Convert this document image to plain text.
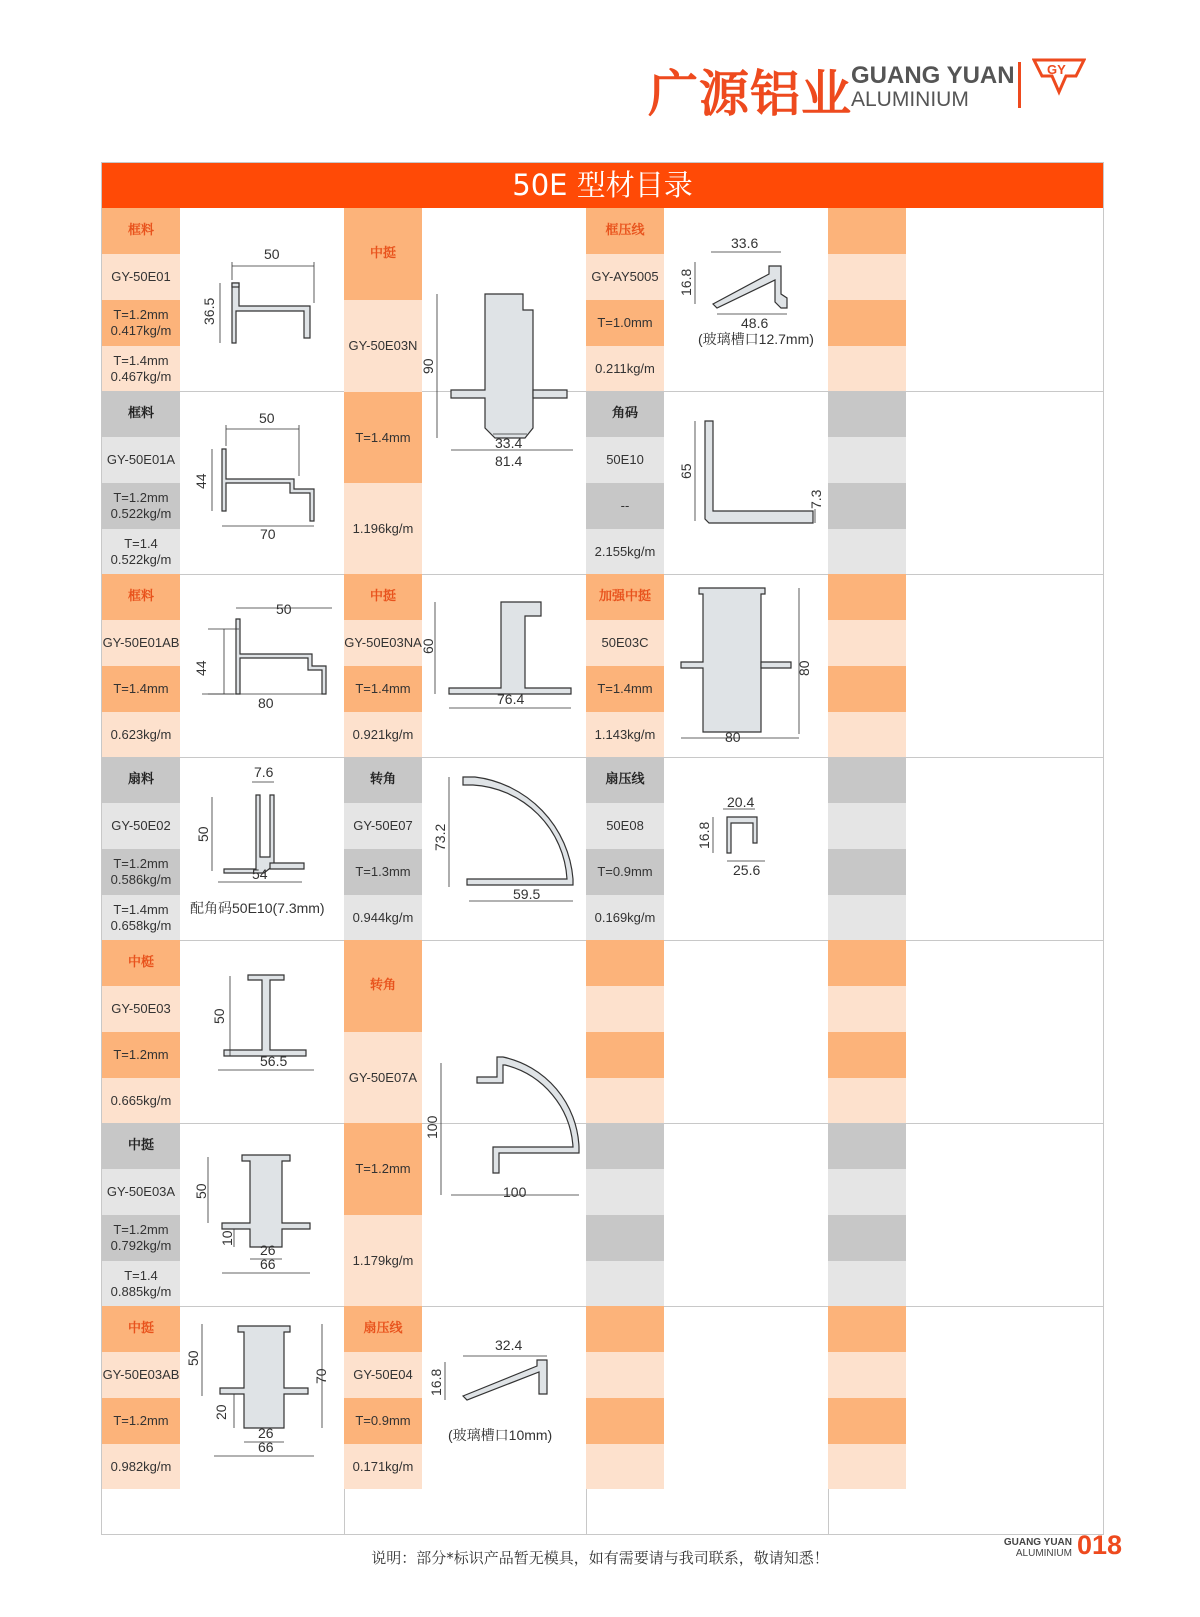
广源铝业 GUANG YUAN
ALUMINIUM
GY
50E 型材目录
框料
GY-50E01
T=1.2mm
0.417kg/m
T=1.4mm
0.467kg/m
框料
GY-50E01A
T=1.2mm
0.522kg/m
T=1.4
0.522kg/m
框料
GY-50E01AB
T=1.4mm
0.623kg/m
扇料
GY-50E02
T=1.2mm
0.586kg/m
T=1.4mm
0.658kg/m
中梃
GY-50E03
T=1.2mm
0.665kg/m
中挺
GY-50E03A
T=1.2mm
0.792kg/m
T=1.4
0.885kg/m
中挺
GY-50E03AB
T=1.2mm
0.982kg/m
中挺
GY-50E03N
T=1.4mm
1.196kg/m
中挺
GY-50E03NA
T=1.4mm
0.921kg/m
转角
GY-50E07
T=1.3mm
0.944kg/m
转角
GY-50E07A
T=1.2mm
1.179kg/m
扇压线
GY-50E04
T=0.9mm
0.171kg/m
框压线
GY-AY5005
T=1.0mm
0.211kg/m
角码
50E10
--
2.155kg/m
加强中挺
50E03C
T=1.4mm
1.143kg/m
扇压线
50E08
T=0.9mm
0.169kg/m
50
36.5
50
44
70
50
44
80
7.6
50
54
配角码50E10(7.3mm)
50
56.5
50
10
26
66
50
70
20
26
66
90
33.4
81.4
60
76.4
73.2
59.5
100
100
32.4
16.8
(玻璃槽口10mm)
33.6
16.8
48.6
(玻璃槽口12.7mm)
65
7.3
80
80
20.4
16.8
25.6
说明：部分*标识产品暂无模具，如有需要请与我司联系，敬请知悉！
GUANG YUAN
ALUMINIUM 018
